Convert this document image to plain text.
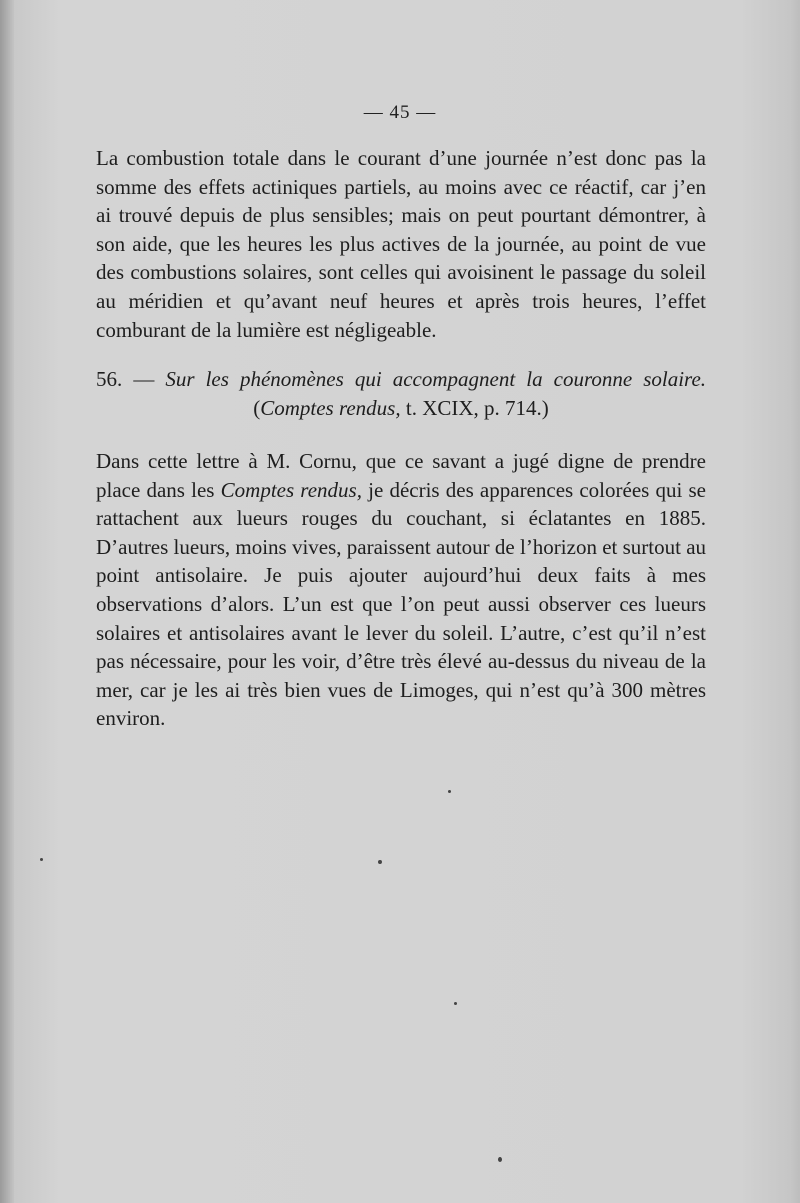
— 45 —
La combustion totale dans le courant d’une journée n’est donc pas la somme des effets actiniques partiels, au moins avec ce réactif, car j’en ai trouvé depuis de plus sensibles; mais on peut pourtant démontrer, à son aide, que les heures les plus actives de la journée, au point de vue des combustions solaires, sont celles qui avoisinent le passage du soleil au méridien et qu’avant neuf heures et après trois heures, l’effet comburant de la lumière est négligeable.
56. — Sur les phénomènes qui accompagnent la couronne solaire.
(Comptes rendus, t. XCIX, p. 714.)
Dans cette lettre à M. Cornu, que ce savant a jugé digne de prendre place dans les Comptes rendus, je décris des apparences colorées qui se rattachent aux lueurs rouges du couchant, si éclatantes en 1885. D’autres lueurs, moins vives, paraissent autour de l’horizon et surtout au point antisolaire. Je puis ajouter aujourd’hui deux faits à mes observations d’alors. L’un est que l’on peut aussi observer ces lueurs solaires et antisolaires avant le lever du soleil. L’autre, c’est qu’il n’est pas nécessaire, pour les voir, d’être très élevé au-dessus du niveau de la mer, car je les ai très bien vues de Limoges, qui n’est qu’à 300 mètres environ.
